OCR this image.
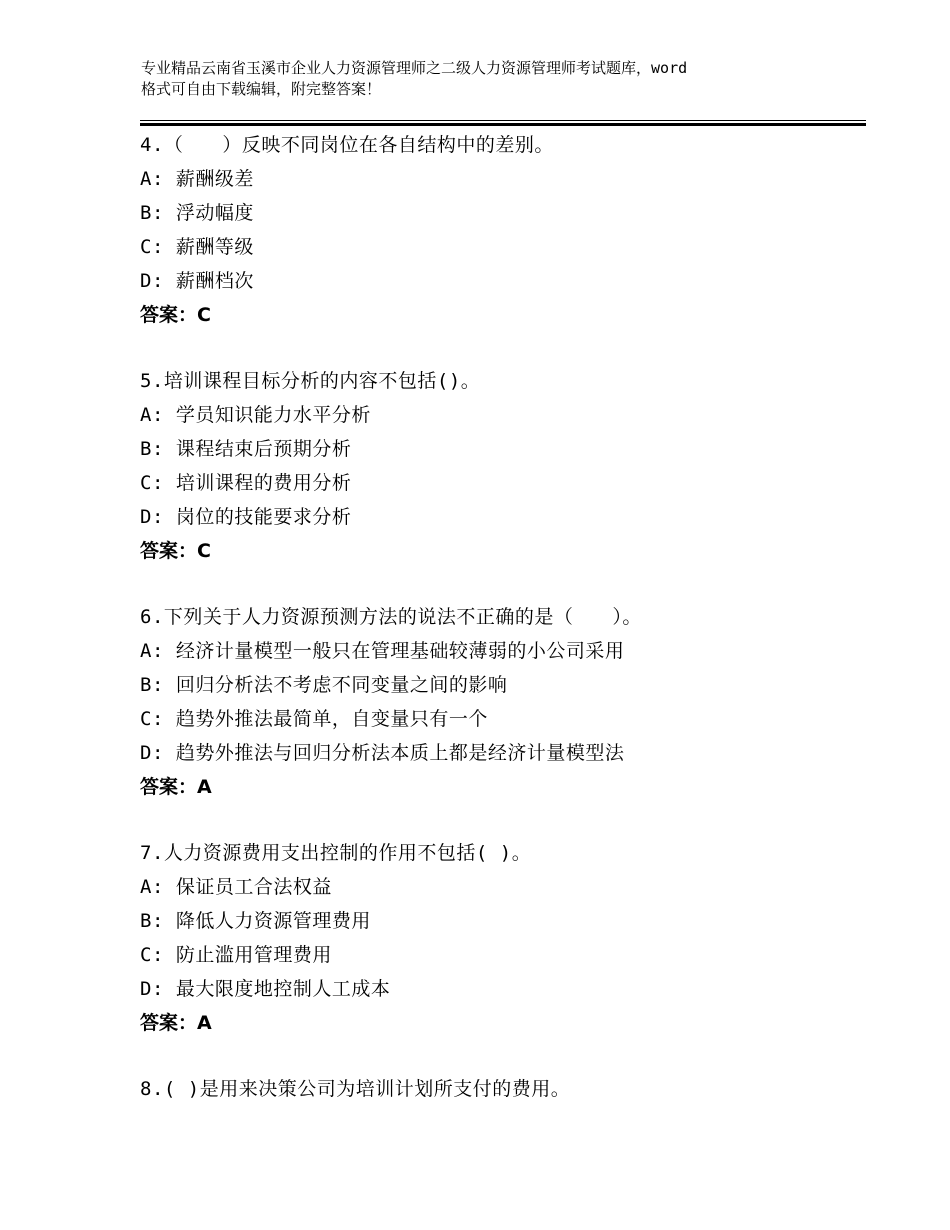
专业精品云南省玉溪市企业人力资源管理师之二级人力资源管理师考试题库，word
格式可自由下载编辑，附完整答案！
4.（　　）反映不同岗位在各自结构中的差别。
A: 薪酬级差
B: 浮动幅度
C: 薪酬等级
D: 薪酬档次
答案：C
5.培训课程目标分析的内容不包括()。
A: 学员知识能力水平分析
B: 课程结束后预期分析
C: 培训课程的费用分析
D: 岗位的技能要求分析
答案：C
6.下列关于人力资源预测方法的说法不正确的是（　　）。
A: 经济计量模型一般只在管理基础较薄弱的小公司采用
B: 回归分析法不考虑不同变量之间的影响
C: 趋势外推法最简单，自变量只有一个
D: 趋势外推法与回归分析法本质上都是经济计量模型法
答案：A
7.人力资源费用支出控制的作用不包括( )。
A: 保证员工合法权益
B: 降低人力资源管理费用
C: 防止滥用管理费用
D: 最大限度地控制人工成本
答案：A
8.( )是用来决策公司为培训计划所支付的费用。
